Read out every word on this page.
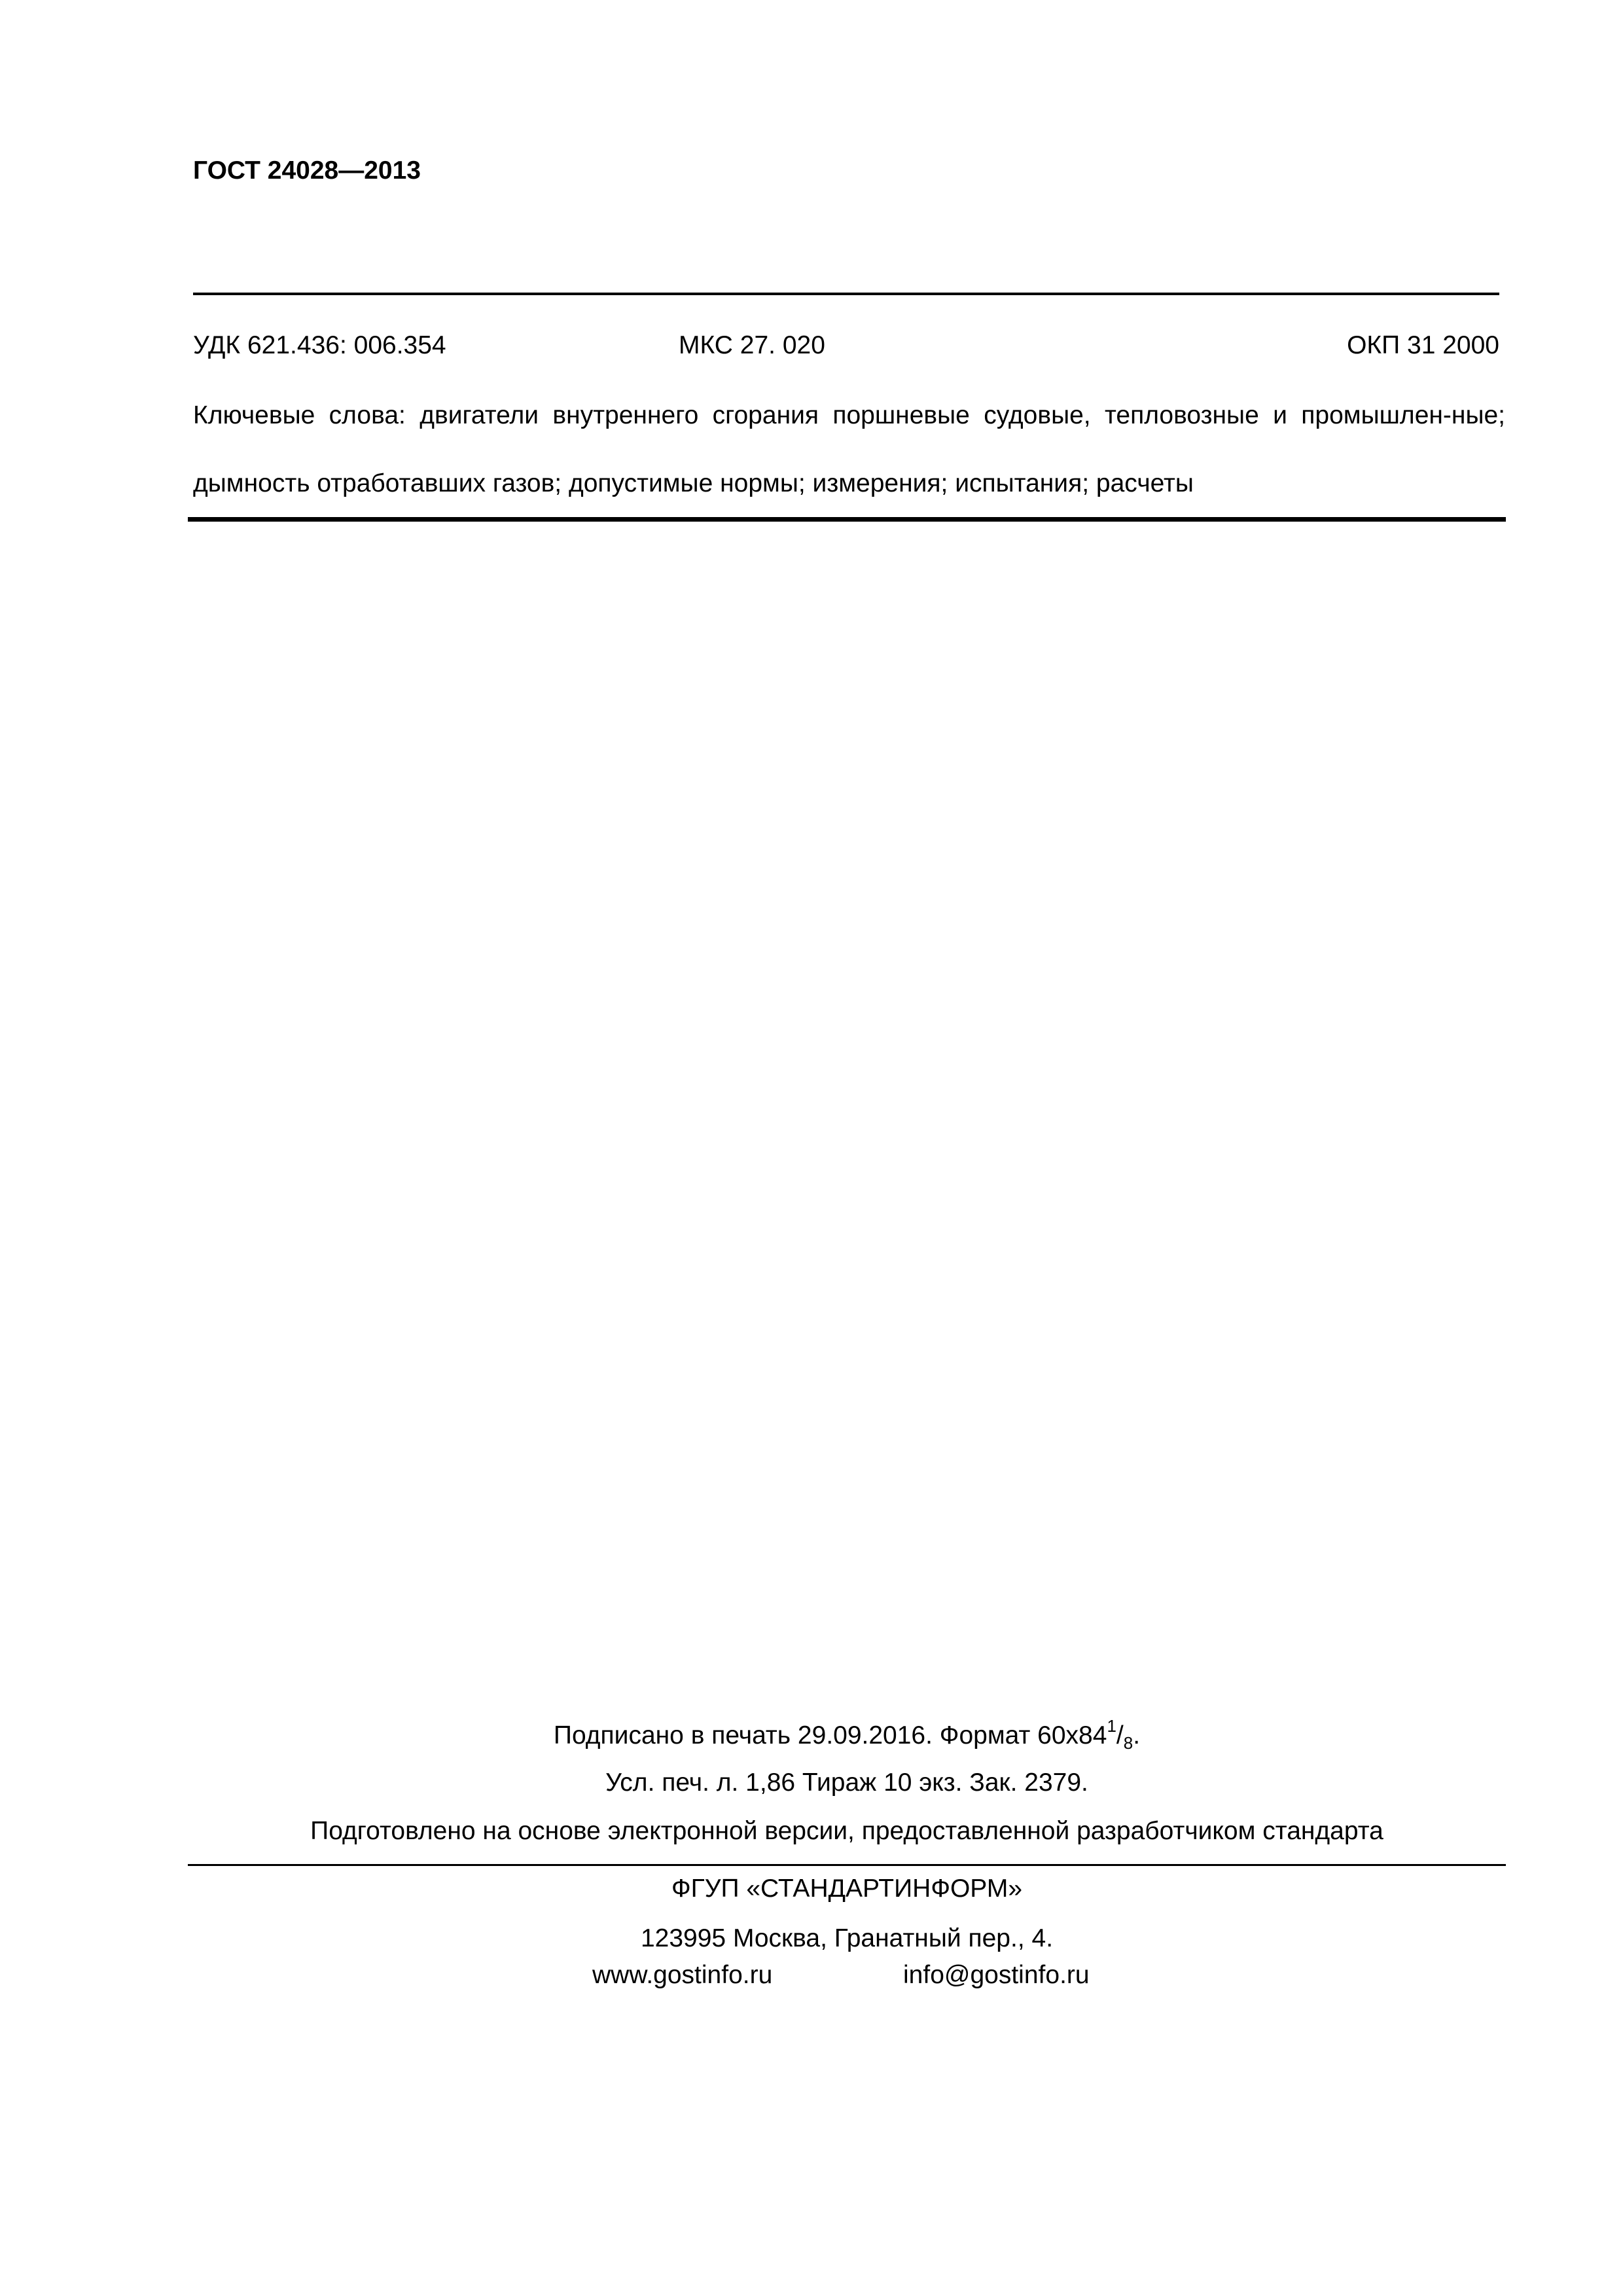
ГОСТ 24028—2013
УДК 621.436: 006.354	МКС 27. 020	ОКП 31 2000
Ключевые слова: двигатели внутреннего сгорания поршневые судовые, тепловозные и промышлен-ные; дымность отработавших газов; допустимые нормы; измерения; испытания; расчеты
Подписано в печать 29.09.2016. Формат $60х84^1/_8$.
Усл. печ. л. 1,86 Тираж 10 экз. Зак. 2379.
Подготовлено на основе электронной версии, предоставленной разработчиком стандарта
ФГУП «СТАНДАРТИНФОРМ»
123995 Москва, Гранатный пер., 4.
www.gostinfo.ru	info@gostinfo.ru
